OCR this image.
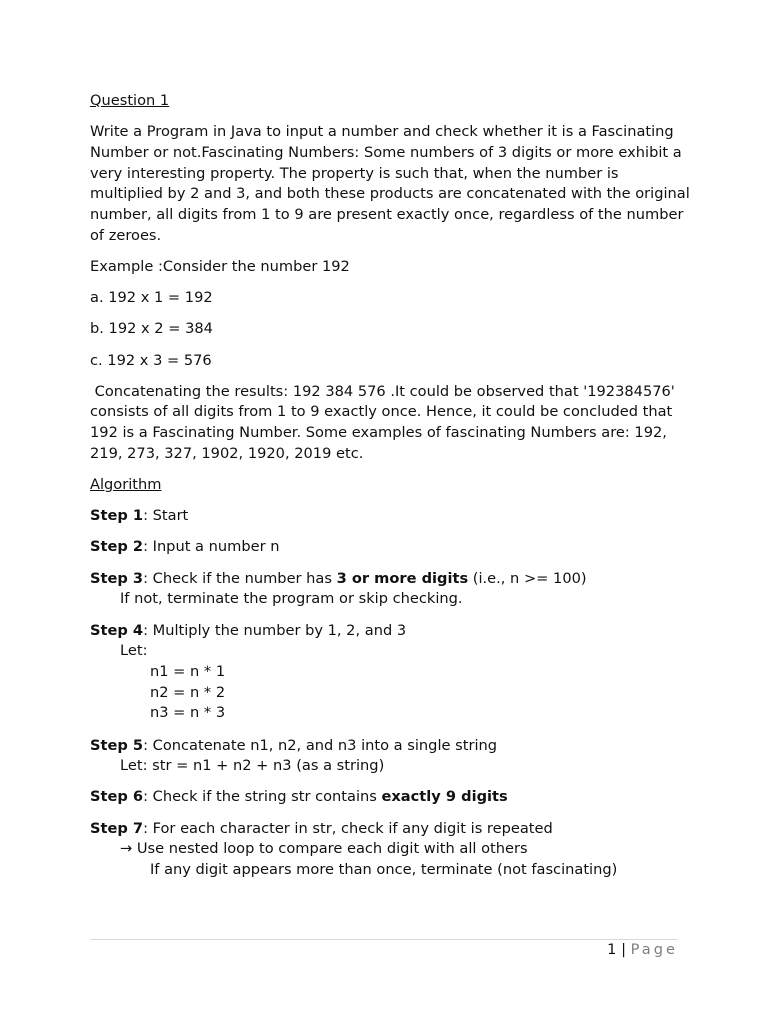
Question 1

Write a Program in Java to input a number and check whether it is a Fascinating Number or not.Fascinating Numbers: Some numbers of 3 digits or more exhibit a very interesting property. The property is such that, when the number is multiplied by 2 and 3, and both these products are concatenated with the original number, all digits from 1 to 9 are present exactly once, regardless of the number of zeroes.

Example :Consider the number 192

a. 192 x 1 = 192

b. 192 x 2 = 384

c. 192 x 3 = 576

Concatenating the results: 192 384 576 .It could be observed that '192384576' consists of all digits from 1 to 9 exactly once. Hence, it could be concluded that 192 is a Fascinating Number. Some examples of fascinating Numbers are: 192, 219, 273, 327, 1902, 1920, 2019 etc.

Algorithm

Step 1: Start

Step 2: Input a number n

Step 3: Check if the number has 3 or more digits (i.e., n >= 100)
If not, terminate the program or skip checking.

Step 4: Multiply the number by 1, 2, and 3
Let:
n1 = n * 1
n2 = n * 2
n3 = n * 3

Step 5: Concatenate n1, n2, and n3 into a single string
Let: str = n1 + n2 + n3 (as a string)

Step 6: Check if the string str contains exactly 9 digits

Step 7: For each character in str, check if any digit is repeated
→ Use nested loop to compare each digit with all others
If any digit appears more than once, terminate (not fascinating)

1 | Page
